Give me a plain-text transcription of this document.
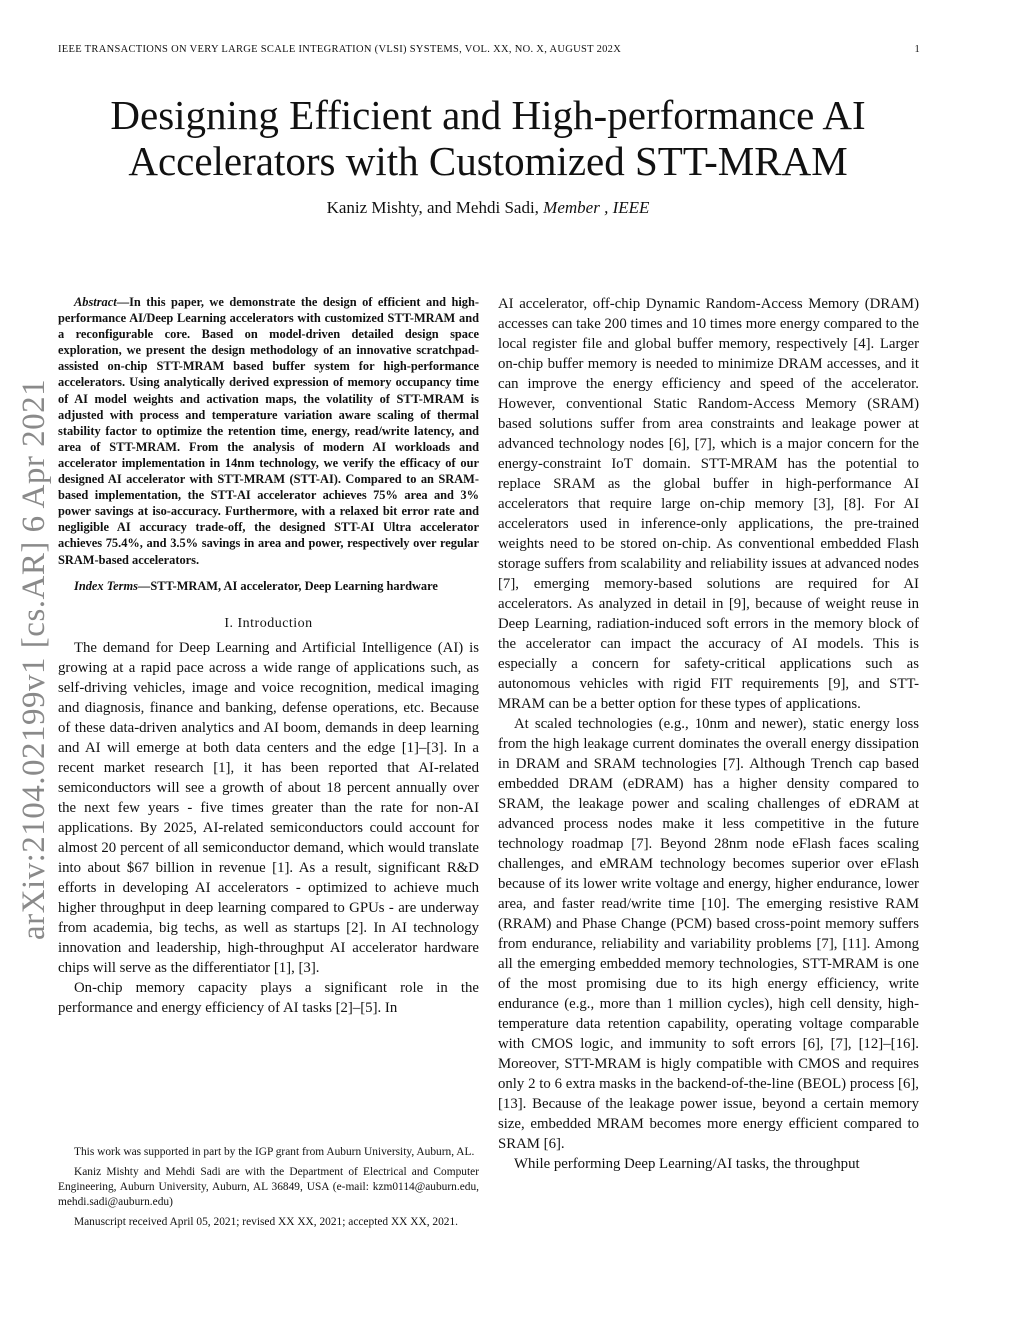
IEEE TRANSACTIONS ON VERY LARGE SCALE INTEGRATION (VLSI) SYSTEMS, VOL. XX, NO. X, AUGUST 202X	1
Designing Efficient and High-performance AI
Accelerators with Customized STT-MRAM
Kaniz Mishty, and Mehdi Sadi, Member , IEEE
arXiv:2104.02199v1 [cs.AR] 6 Apr 2021

Abstract—In this paper, we demonstrate the design of efficient and high-performance AI/Deep Learning accelerators with customized STT-MRAM and a reconfigurable core. Based on model-driven detailed design space exploration, we present the design methodology of an innovative scratchpad-assisted on-chip STT-MRAM based buffer system for high-performance accelerators. Using analytically derived expression of memory occupancy time of AI model weights and activation maps, the volatility of STT-MRAM is adjusted with process and temperature variation aware scaling of thermal stability factor to optimize the retention time, energy, read/write latency, and area of STT-MRAM. From the analysis of modern AI workloads and accelerator implementation in 14nm technology, we verify the efficacy of our designed AI accelerator with STT-MRAM (STT-AI). Compared to an SRAM-based implementation, the STT-AI accelerator achieves 75% area and 3% power savings at iso-accuracy. Furthermore, with a relaxed bit error rate and negligible AI accuracy trade-off, the designed STT-AI Ultra accelerator achieves 75.4%, and 3.5% savings in area and power, respectively over regular SRAM-based accelerators.

Index Terms—STT-MRAM, AI accelerator, Deep Learning hardware

I. Introduction

The demand for Deep Learning and Artificial Intelligence (AI) is growing at a rapid pace across a wide range of applications such, as self-driving vehicles, image and voice recognition, medical imaging and diagnosis, finance and banking, defense operations, etc. Because of these data-driven analytics and AI boom, demands in deep learning and AI will emerge at both data centers and the edge [1]–[3]. In a recent market research [1], it has been reported that AI-related semiconductors will see a growth of about 18 percent annually over the next few years - five times greater than the rate for non-AI applications. By 2025, AI-related semiconductors could account for almost 20 percent of all semiconductor demand, which would translate into about $67 billion in revenue [1]. As a result, significant R&D efforts in developing AI accelerators - optimized to achieve much higher throughput in deep learning compared to GPUs - are underway from academia, big techs, as well as startups [2]. In AI technology innovation and leadership, high-throughput AI accelerator hardware chips will serve as the differentiator [1], [3].

On-chip memory capacity plays a significant role in the performance and energy efficiency of AI tasks [2]–[5]. In

This work was supported in part by the IGP grant from Auburn University, Auburn, AL.

Kaniz Mishty and Mehdi Sadi are with the Department of Electrical and Computer Engineering, Auburn University, Auburn, AL 36849, USA (e-mail: kzm0114@auburn.edu, mehdi.sadi@auburn.edu)

Manuscript received April 05, 2021; revised XX XX, 2021; accepted XX XX, 2021.

AI accelerator, off-chip Dynamic Random-Access Memory (DRAM) accesses can take 200 times and 10 times more energy compared to the local register file and global buffer memory, respectively [4]. Larger on-chip buffer memory is needed to minimize DRAM accesses, and it can improve the energy efficiency and speed of the accelerator. However, conventional Static Random-Access Memory (SRAM) based solutions suffer from area constraints and leakage power at advanced technology nodes [6], [7], which is a major concern for the energy-constraint IoT domain. STT-MRAM has the potential to replace SRAM as the global buffer in high-performance AI accelerators that require large on-chip memory [3], [8]. For AI accelerators used in inference-only applications, the pre-trained weights need to be stored on-chip. As conventional embedded Flash storage suffers from scalability and reliability issues at advanced nodes [7], emerging memory-based solutions are required for AI accelerators. As analyzed in detail in [9], because of weight reuse in Deep Learning, radiation-induced soft errors in the memory block of the accelerator can impact the accuracy of AI models. This is especially a concern for safety-critical applications such as autonomous vehicles with rigid FIT requirements [9], and STT-MRAM can be a better option for these types of applications.

At scaled technologies (e.g., 10nm and newer), static energy loss from the high leakage current dominates the overall energy dissipation in DRAM and SRAM technologies [7]. Although Trench cap based embedded DRAM (eDRAM) has a higher density compared to SRAM, the leakage power and scaling challenges of eDRAM at advanced process nodes make it less competitive in the future technology roadmap [7]. Beyond 28nm node eFlash faces scaling challenges, and eMRAM technology becomes superior over eFlash because of its lower write voltage and energy, higher endurance, lower area, and faster read/write time [10]. The emerging resistive RAM (RRAM) and Phase Change (PCM) based cross-point memory suffers from endurance, reliability and variability problems [7], [11]. Among all the emerging embedded memory technologies, STT-MRAM is one of the most promising due to its high energy efficiency, write endurance (e.g., more than 1 million cycles), high cell density, high-temperature data retention capability, operating voltage comparable with CMOS logic, and immunity to soft errors [6], [7], [12]–[16]. Moreover, STT-MRAM is higly compatible with CMOS and requires only 2 to 6 extra masks in the backend-of-the-line (BEOL) process [6], [13]. Because of the leakage power issue, beyond a certain memory size, embedded MRAM becomes more energy efficient compared to SRAM [6].

While performing Deep Learning/AI tasks, the throughput
